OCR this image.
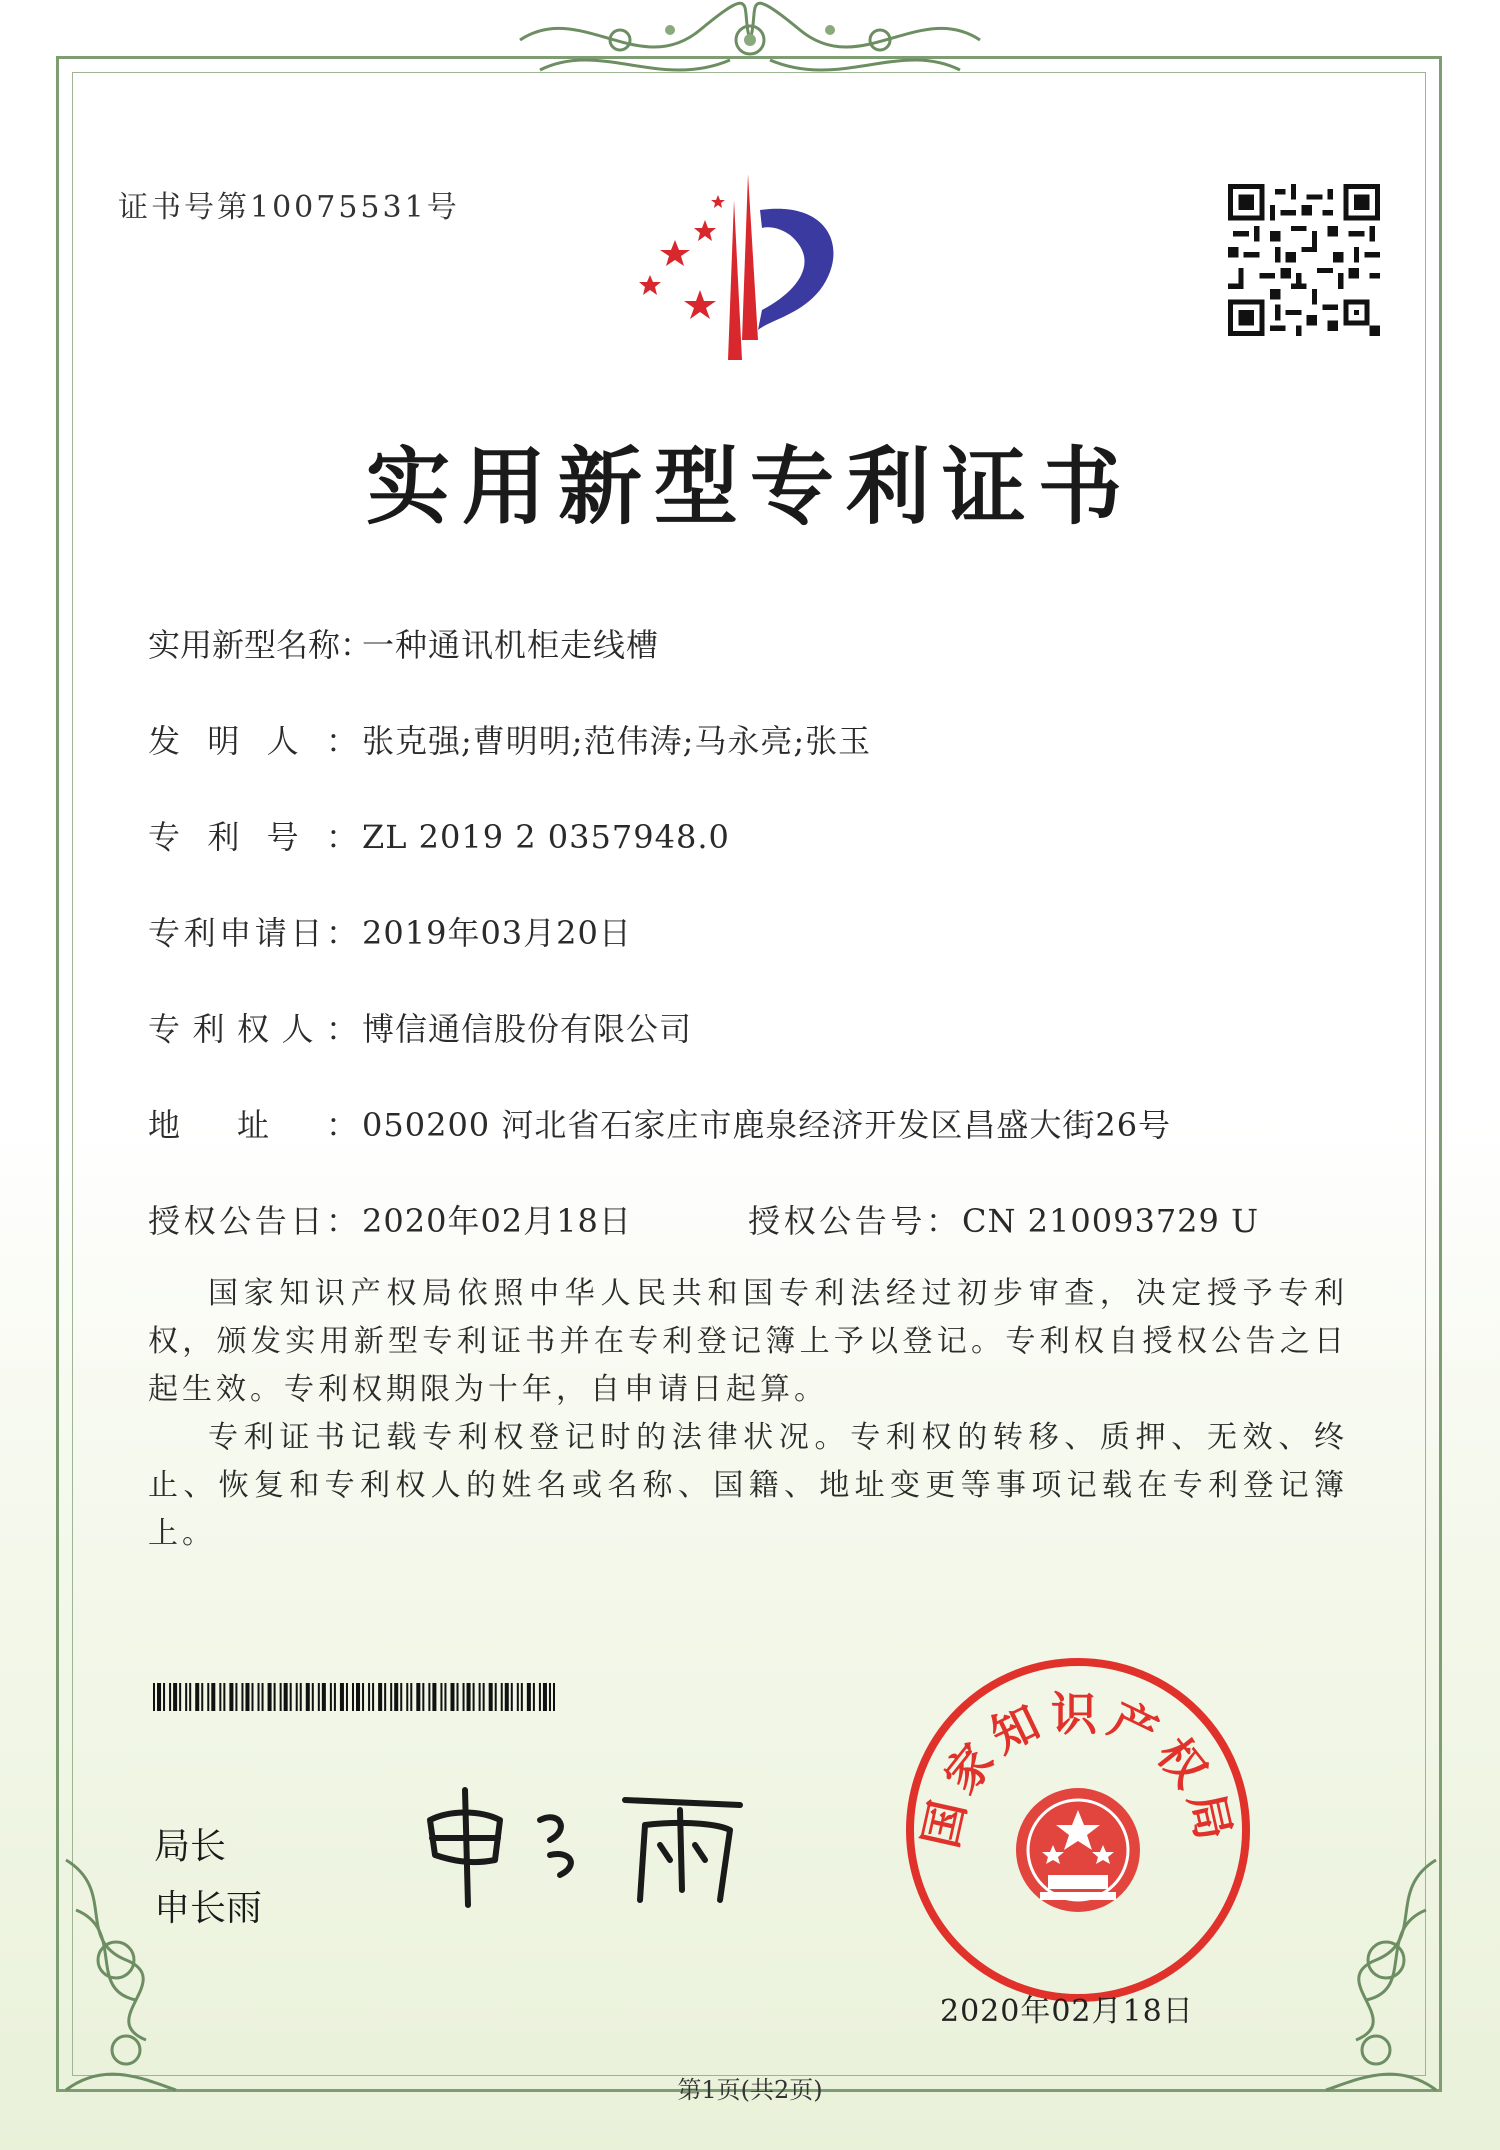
证书号第10075531号
实用新型专利证书
实用新型名称：一种通讯机柜走线槽
发明人： 张克强;曹明明;范伟涛;马永亮;张玉
专利号： ZL 2019 2 0357948.0
专利申请日： 2019年03月20日
专利权人： 博信通信股份有限公司
地址： 050200 河北省石家庄市鹿泉经济开发区昌盛大街26号
授权公告日： 2020年02月18日	授权公告号： CN 210093729 U

国家知识产权局依照中华人民共和国专利法经过初步审查，决定授予专利权，颁发实用新型专利证书并在专利登记簿上予以登记。专利权自授权公告之日起生效。专利权期限为十年，自申请日起算。

专利证书记载专利权登记时的法律状况。专利权的转移、质押、无效、终止、恢复和专利权人的姓名或名称、国籍、地址变更等事项记载在专利登记簿上。

局长
申长雨
国家知识产权局
2020年02月18日
第1页(共2页)
